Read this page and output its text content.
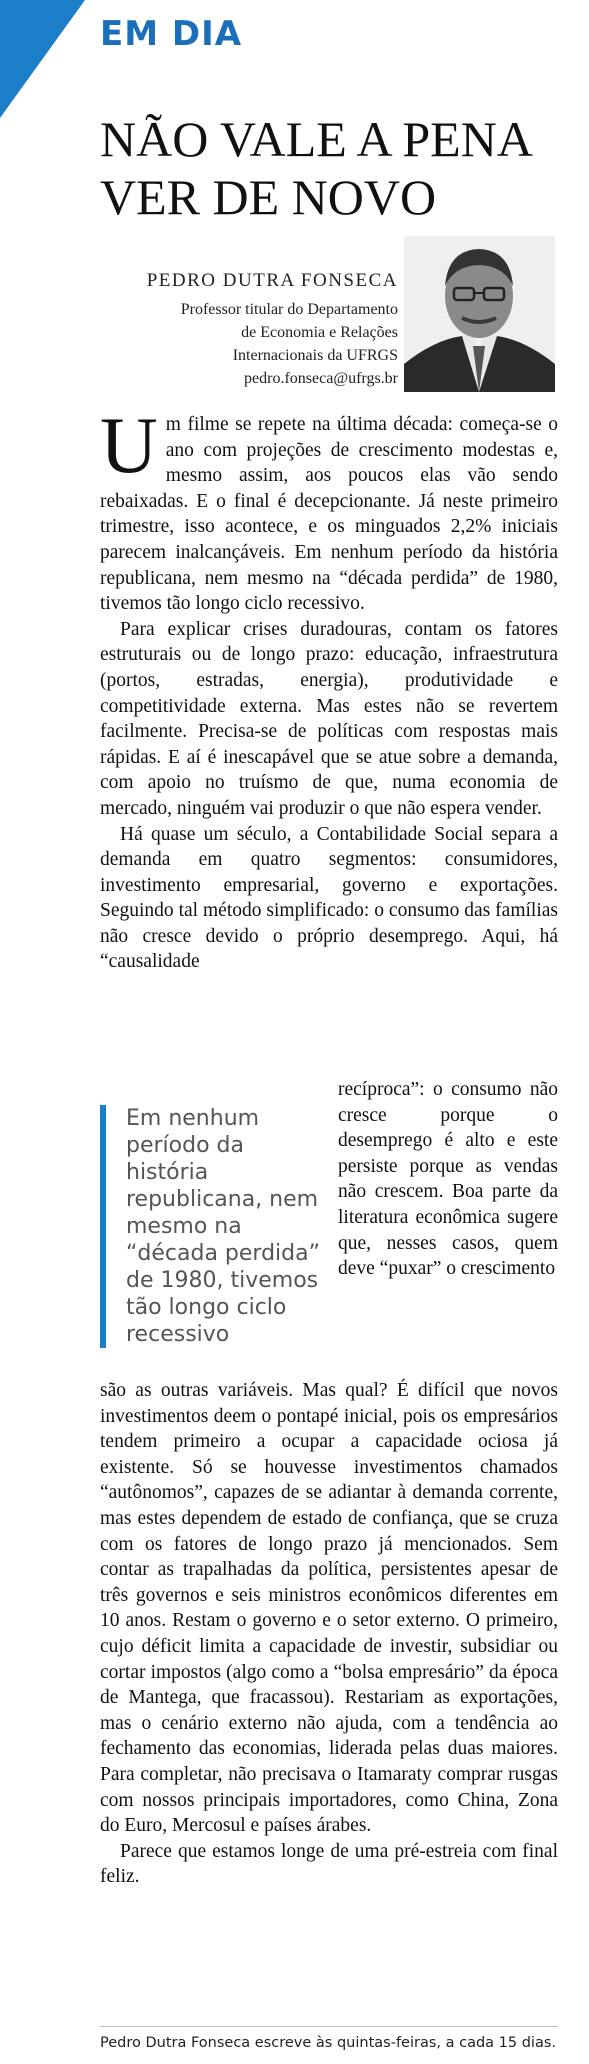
EM DIA
NÃO VALE A PENA VER DE NOVO
PEDRO DUTRA FONSECA
Professor titular do Departamento
de Economia e Relações
Internacionais da UFRGS
pedro.fonseca@ufrgs.br

Um filme se repete na última década: começa-se o ano com projeções de crescimento modestas e, mesmo assim, aos poucos elas vão sendo rebaixadas. E o final é decepcionante. Já neste primeiro trimestre, isso acontece, e os minguados 2,2% iniciais parecem inalcançáveis. Em nenhum período da história republicana, nem mesmo na “década perdida” de 1980, tivemos tão longo ciclo recessivo.

Para explicar crises duradouras, contam os fatores estruturais ou de longo prazo: educação, infraestrutura (portos, estradas, energia), produtividade e competitividade externa. Mas estes não se revertem facilmente. Precisa-se de políticas com respostas mais rápidas. E aí é inescapável que se atue sobre a demanda, com apoio no truísmo de que, numa economia de mercado, ninguém vai produzir o que não espera vender.

Há quase um século, a Contabilidade Social separa a demanda em quatro segmentos: consumidores, investimento empresarial, governo e exportações. Seguindo tal método simplificado: o consumo das famílias não cresce devido o próprio desemprego. Aqui, há “causalidade

Em nenhum período da história republicana, nem mesmo na “década perdida” de 1980, tivemos tão longo ciclo recessivo
recíproca”: o consumo não cresce porque o desemprego é alto e este persiste porque as vendas não crescem. Boa parte da literatura econômica sugere que, nesses casos, quem deve “puxar” o crescimento

são as outras variáveis. Mas qual? É difícil que novos investimentos deem o pontapé inicial, pois os empresários tendem primeiro a ocupar a capacidade ociosa já existente. Só se houvesse investimentos chamados “autônomos”, capazes de se adiantar à demanda corrente, mas estes dependem de estado de confiança, que se cruza com os fatores de longo prazo já mencionados. Sem contar as trapalhadas da política, persistentes apesar de três governos e seis ministros econômicos diferentes em 10 anos. Restam o governo e o setor externo. O primeiro, cujo déficit limita a capacidade de investir, subsidiar ou cortar impostos (algo como a “bolsa empresário” da época de Mantega, que fracassou). Restariam as exportações, mas o cenário externo não ajuda, com a tendência ao fechamento das economias, liderada pelas duas maiores. Para completar, não precisava o Itamaraty comprar rusgas com nossos principais importadores, como China, Zona do Euro, Mercosul e países árabes.

Parece que estamos longe de uma pré-estreia com final feliz.

Pedro Dutra Fonseca escreve às quintas-feiras, a cada 15 dias.
